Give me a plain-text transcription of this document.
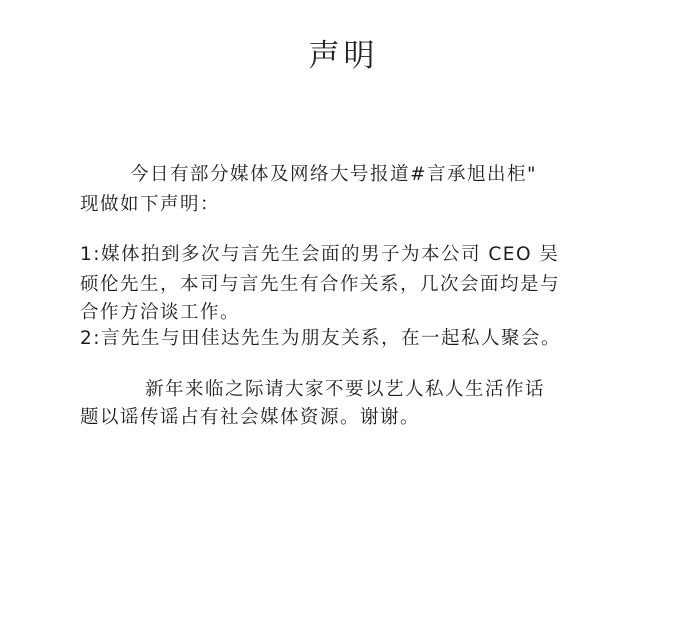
声明
今日有部分媒体及网络大号报道#言承旭出柜"
现做如下声明：
1:媒体拍到多次与言先生会面的男子为本公司 CEO 吴
硕伦先生，本司与言先生有合作关系，几次会面均是与
合作方洽谈工作。
2:言先生与田佳达先生为朋友关系，在一起私人聚会。
新年来临之际请大家不要以艺人私人生活作话
题以谣传谣占有社会媒体资源。谢谢。
